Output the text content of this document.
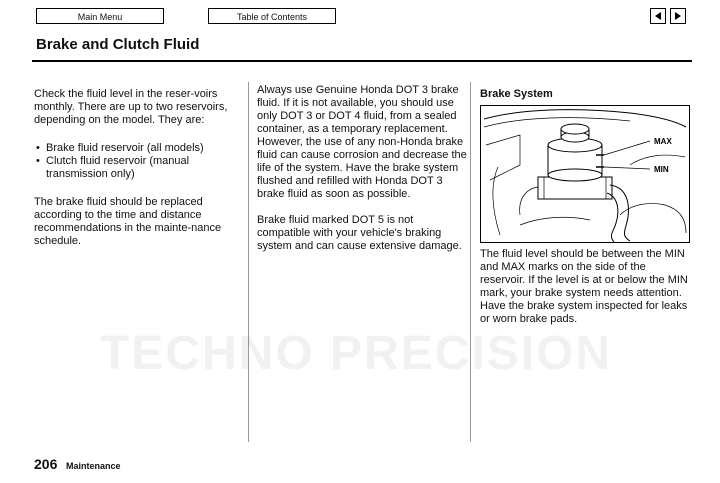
Main Menu	Table of Contents
Brake and Clutch Fluid
TECHNO PRECISION

Check the fluid level in the reser-voirs monthly. There are up to two reservoirs, depending on the model. They are:

• Brake fluid reservoir (all models)
• Clutch fluid reservoir (manual transmission only)

The brake fluid should be replaced according to the time and distance recommendations in the mainte-nance schedule.

Always use Genuine Honda DOT 3 brake fluid. If it is not available, you should use only DOT 3 or DOT 4 fluid, from a sealed container, as a temporary replacement. However, the use of any non-Honda brake fluid can cause corrosion and decrease the life of the system. Have the brake system flushed and refilled with Honda DOT 3 brake fluid as soon as possible.

Brake fluid marked DOT 5 is not compatible with your vehicle's braking system and can cause extensive damage.

Brake System

MAX
MIN

The fluid level should be between the MIN and MAX marks on the side of the reservoir. If the level is at or below the MIN mark, your brake system needs attention. Have the brake system inspected for leaks or worn brake pads.

206 Maintenance
